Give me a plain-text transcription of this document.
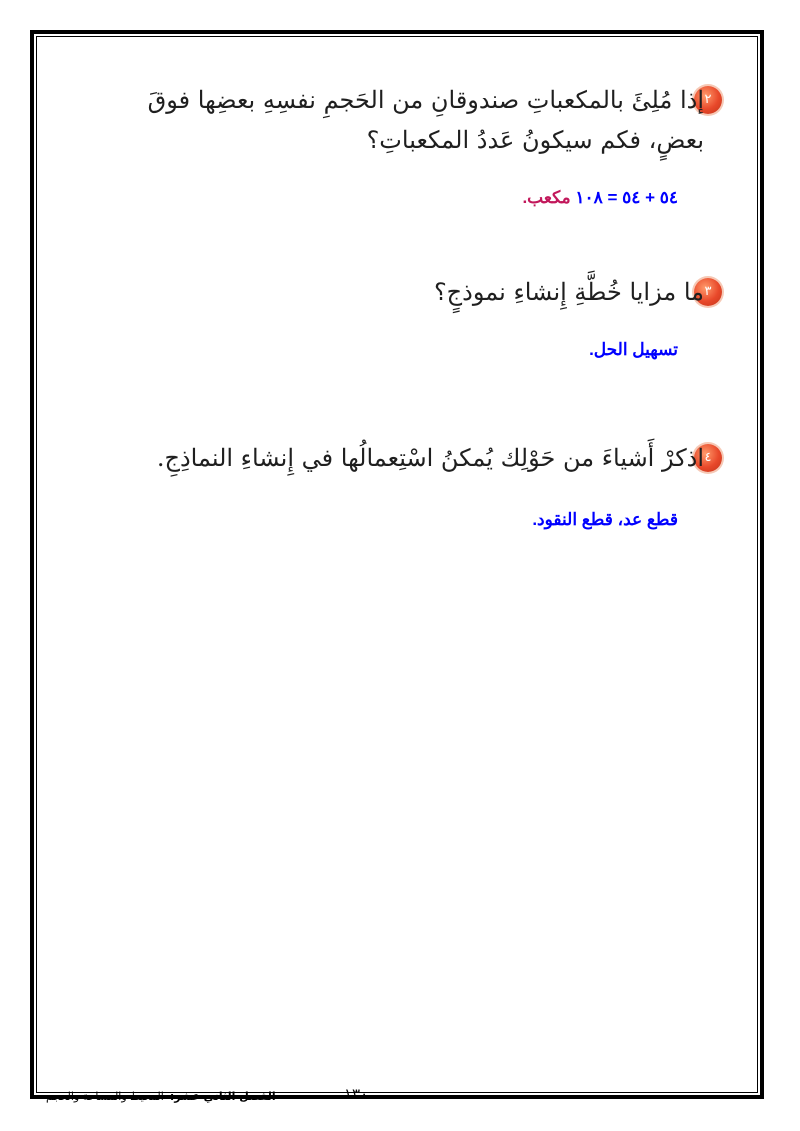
٢
إذا مُلِئَ بالمكعباتِ صندوقانِ من الحَجمِ نفسِهِ بعضِها فوقَ
بعضٍ، فكم سيكونُ عَددُ المكعباتِ؟
٥٤ + ٥٤ = ١٠٨ مكعب.
٣
ما مزايا خُطَّةِ إِنشاءِ نموذجٍ؟
تسهيل الحل.
٤
اذكرْ أَشياءَ من حَوْلِك يُمكنُ اسْتِعمالُها في إِنشاءِ النماذِجِ.
قطع عد، قطع النقود.
١٣٠
الفصل الثاني عشر:
المحيط والمساحة والحجم
